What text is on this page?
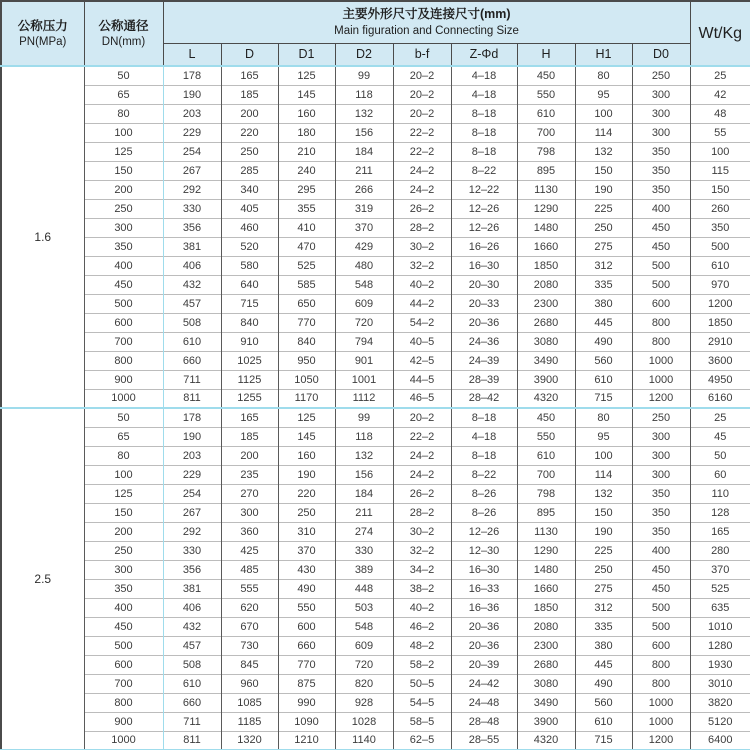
公称压力
PN(MPa)

公称通径
DN(mm)

主要外形尺寸及连接尺寸(mm)
Main figuration and Connecting Size	Wt/Kg
		L	D	D1	D2	b-f	Z-Φd	H	H1	D0	
1.6	50	178	165	125	99	20–2	4–18	450	80	250	25
	65	190	185	145	118	20–2	4–18	550	95	300	42
	80	203	200	160	132	20–2	8–18	610	100	300	48
	100	229	220	180	156	22–2	8–18	700	114	300	55
	125	254	250	210	184	22–2	8–18	798	132	350	100
	150	267	285	240	211	24–2	8–22	895	150	350	115
	200	292	340	295	266	24–2	12–22	1130	190	350	150
	250	330	405	355	319	26–2	12–26	1290	225	400	260
	300	356	460	410	370	28–2	12–26	1480	250	450	350
	350	381	520	470	429	30–2	16–26	1660	275	450	500
	400	406	580	525	480	32–2	16–30	1850	312	500	610
	450	432	640	585	548	40–2	20–30	2080	335	500	970
	500	457	715	650	609	44–2	20–33	2300	380	600	1200
	600	508	840	770	720	54–2	20–36	2680	445	800	1850
	700	610	910	840	794	40–5	24–36	3080	490	800	2910
	800	660	1025	950	901	42–5	24–39	3490	560	1000	3600
	900	711	1125	1050	1001	44–5	28–39	3900	610	1000	4950
	1000	811	1255	1170	1112	46–5	28–42	4320	715	1200	6160
2.5	50	178	165	125	99	20–2	8–18	450	80	250	25
	65	190	185	145	118	22–2	4–18	550	95	300	45
	80	203	200	160	132	24–2	8–18	610	100	300	50
	100	229	235	190	156	24–2	8–22	700	114	300	60
	125	254	270	220	184	26–2	8–26	798	132	350	110
	150	267	300	250	211	28–2	8–26	895	150	350	128
	200	292	360	310	274	30–2	12–26	1130	190	350	165
	250	330	425	370	330	32–2	12–30	1290	225	400	280
	300	356	485	430	389	34–2	16–30	1480	250	450	370
	350	381	555	490	448	38–2	16–33	1660	275	450	525
	400	406	620	550	503	40–2	16–36	1850	312	500	635
	450	432	670	600	548	46–2	20–36	2080	335	500	1010
	500	457	730	660	609	48–2	20–36	2300	380	600	1280
	600	508	845	770	720	58–2	20–39	2680	445	800	1930
	700	610	960	875	820	50–5	24–42	3080	490	800	3010
	800	660	1085	990	928	54–5	24–48	3490	560	1000	3820
	900	711	1185	1090	1028	58–5	28–48	3900	610	1000	5120
	1000	811	1320	1210	1140	62–5	28–55	4320	715	1200	6400
